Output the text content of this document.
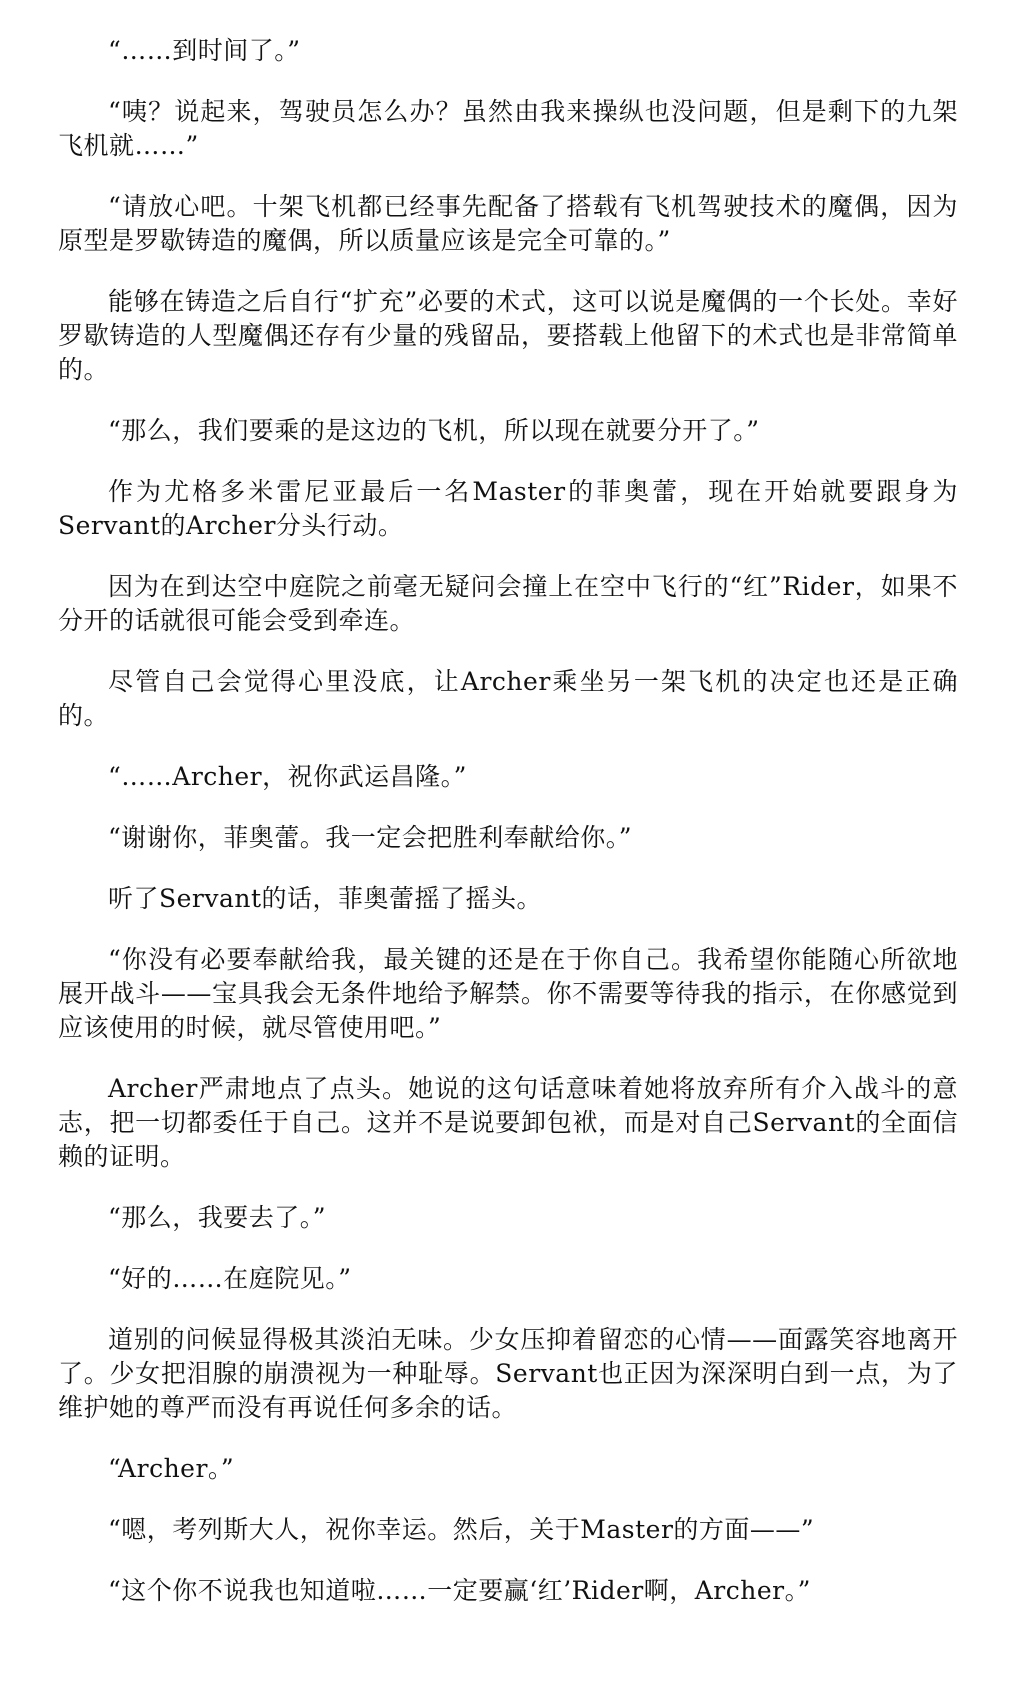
“……到时间了。”

“咦？说起来，驾驶员怎么办？虽然由我来操纵也没问题，但是剩下的九架飞机就……”

“请放心吧。十架飞机都已经事先配备了搭载有飞机驾驶技术的魔偶，因为原型是罗歇铸造的魔偶，所以质量应该是完全可靠的。”

能够在铸造之后自行“扩充”必要的术式，这可以说是魔偶的一个长处。幸好罗歇铸造的人型魔偶还存有少量的残留品，要搭载上他留下的术式也是非常简单的。

“那么，我们要乘的是这边的飞机，所以现在就要分开了。”

作为尤格多米雷尼亚最后一名Master的菲奥蕾，现在开始就要跟身为Servant的Archer分头行动。

因为在到达空中庭院之前毫无疑问会撞上在空中飞行的“红”Rider，如果不分开的话就很可能会受到牵连。

尽管自己会觉得心里没底，让Archer乘坐另一架飞机的决定也还是正确的。

“……Archer，祝你武运昌隆。”

“谢谢你，菲奥蕾。我一定会把胜利奉献给你。”

听了Servant的话，菲奥蕾摇了摇头。

“你没有必要奉献给我，最关键的还是在于你自己。我希望你能随心所欲地展开战斗——宝具我会无条件地给予解禁。你不需要等待我的指示，在你感觉到应该使用的时候，就尽管使用吧。”

Archer严肃地点了点头。她说的这句话意味着她将放弃所有介入战斗的意志，把一切都委任于自己。这并不是说要卸包袱，而是对自己Servant的全面信赖的证明。

“那么，我要去了。”

“好的……在庭院见。”

道别的问候显得极其淡泊无味。少女压抑着留恋的心情——面露笑容地离开了。少女把泪腺的崩溃视为一种耻辱。Servant也正因为深深明白到一点，为了维护她的尊严而没有再说任何多余的话。

“Archer。”

“嗯，考列斯大人，祝你幸运。然后，关于Master的方面——”

“这个你不说我也知道啦……一定要赢‘红’Rider啊，Archer。”
